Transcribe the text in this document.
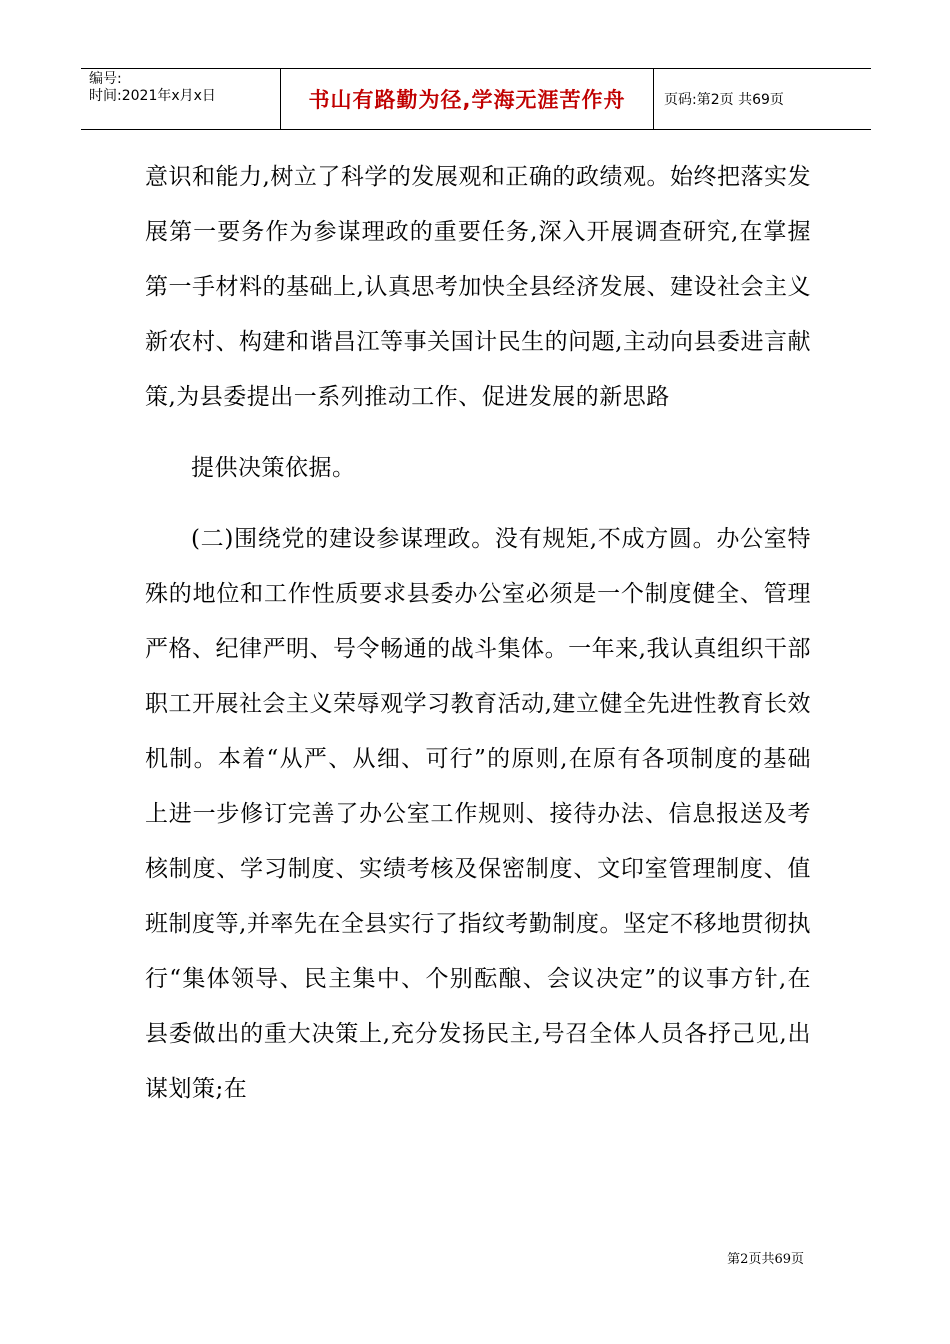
编号:
时间:2021年x月x日	书山有路勤为径,学海无涯苦作舟	页码:第2页 共69页

意识和能力,树立了科学的发展观和正确的政绩观。始终把落实发展第一要务作为参谋理政的重要任务,深入开展调查研究,在掌握第一手材料的基础上,认真思考加快全县经济发展、建设社会主义新农村、构建和谐昌江等事关国计民生的问题,主动向县委进言献策,为县委提出一系列推动工作、促进发展的新思路

提供决策依据。

(二)围绕党的建设参谋理政。没有规矩,不成方圆。办公室特殊的地位和工作性质要求县委办公室必须是一个制度健全、管理严格、纪律严明、号令畅通的战斗集体。一年来,我认真组织干部职工开展社会主义荣辱观学习教育活动,建立健全先进性教育长效机制。本着“从严、从细、可行”的原则,在原有各项制度的基础上进一步修订完善了办公室工作规则、接待办法、信息报送及考核制度、学习制度、实绩考核及保密制度、文印室管理制度、值班制度等,并率先在全县实行了指纹考勤制度。坚定不移地贯彻执行“集体领导、民主集中、个别酝酿、会议决定”的议事方针,在县委做出的重大决策上,充分发扬民主,号召全体人员各抒己见,出谋划策;在

第2页共69页
